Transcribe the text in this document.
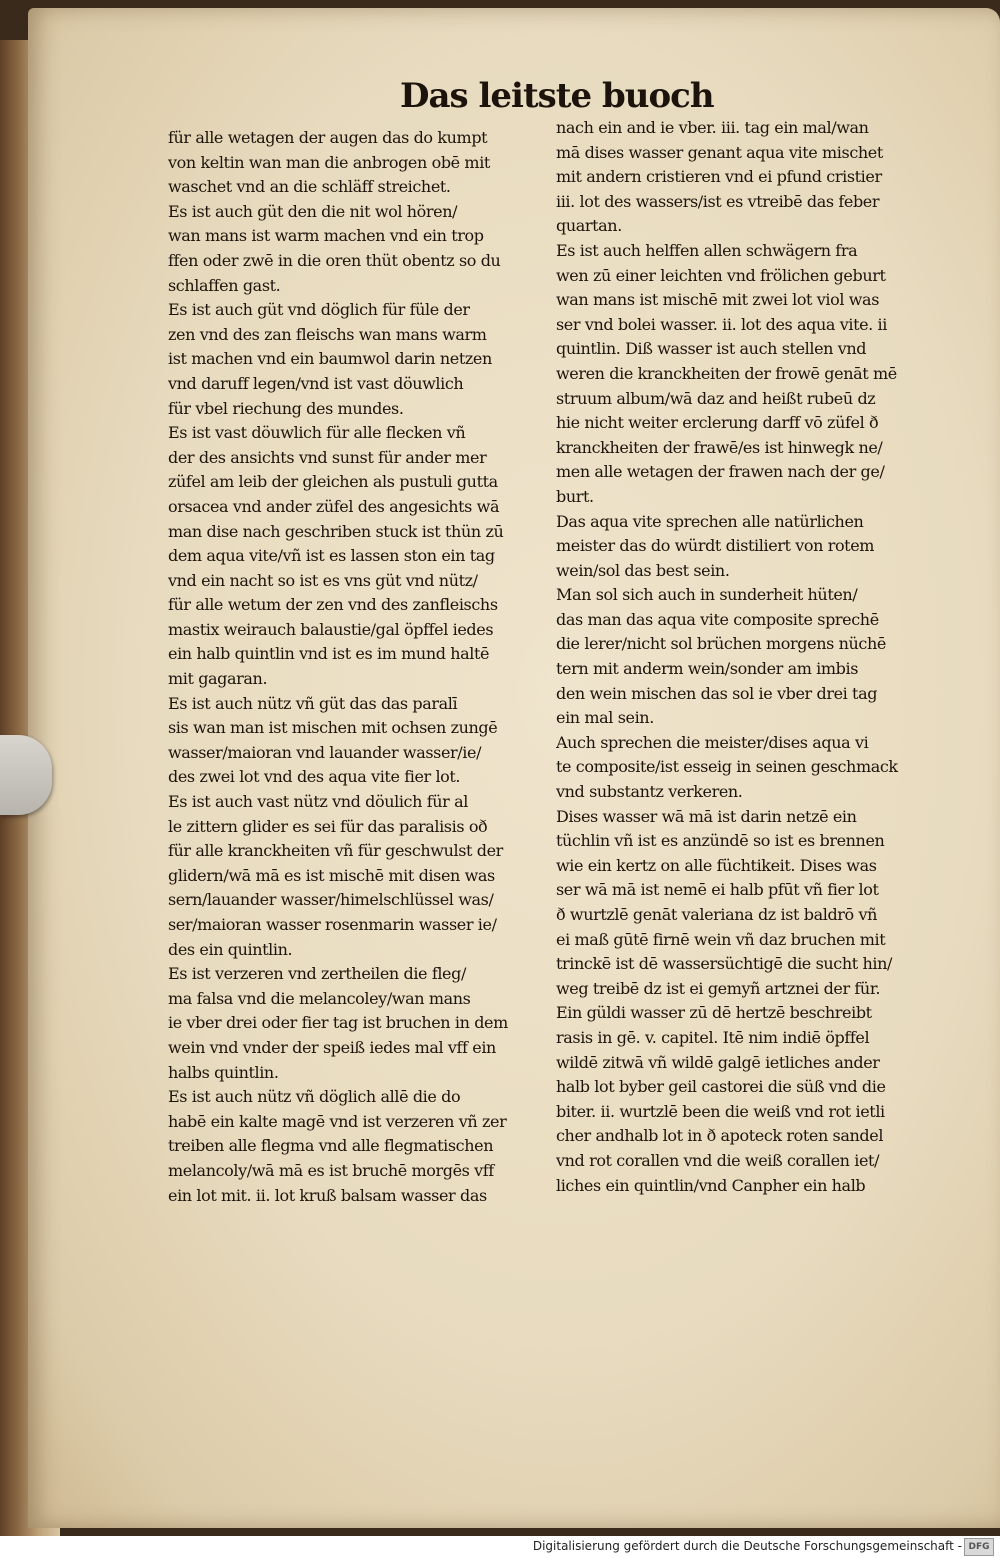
Das leitste buoch
für alle wetagen der augen das do kumpt
von keltin wan man die anbrogen obē mit
waschet vnd an die schläff streichet.
Es ist auch güt den die nit wol hören/
wan mans ist warm machen vnd ein trop
ffen oder zwē in die oren thüt obentz so du
schlaffen gast.
Es ist auch güt vnd döglich für füle der
zen vnd des zan fleischs wan mans warm
ist machen vnd ein baumwol darin netzen
vnd daruff legen/vnd ist vast döuwlich
für vbel riechung des mundes.
Es ist vast döuwlich für alle flecken vñ
der des ansichts vnd sunst für ander mer
züfel am leib der gleichen als pustuli gutta
orsacea vnd ander züfel des angesichts wā
man dise nach geschriben stuck ist thün zū
dem aqua vite/vñ ist es lassen ston ein tag
vnd ein nacht so ist es vns güt vnd nütz/
für alle wetum der zen vnd des zanfleischs
mastix weirauch balaustie/gal öpffel iedes
ein halb quintlin vnd ist es im mund haltē
mit gagaran.
Es ist auch nütz vñ güt das das paralī
sis wan man ist mischen mit ochsen zungē
wasser/maioran vnd lauander wasser/ie/
des zwei lot vnd des aqua vite fier lot.
Es ist auch vast nütz vnd döulich für al
le zittern glider es sei für das paralisis oð
für alle kranckheiten vñ für geschwulst der
glidern/wā mā es ist mischē mit disen was
sern/lauander wasser/himelschlüssel was/
ser/maioran wasser rosenmarin wasser ie/
des ein quintlin.
Es ist verzeren vnd zertheilen die fleg/
ma falsa vnd die melancoley/wan mans
ie vber drei oder fier tag ist bruchen in dem
wein vnd vnder der speiß iedes mal vff ein
halbs quintlin.
Es ist auch nütz vñ döglich allē die do
habē ein kalte magē vnd ist verzeren vñ zer
treiben alle flegma vnd alle flegmatischen
melancoly/wā mā es ist bruchē morgēs vff
ein lot mit. ii. lot kruß balsam wasser das
nach ein and ie vber. iii. tag ein mal/wan
mā dises wasser genant aqua vite mischet
mit andern cristieren vnd ei pfund cristier
iii. lot des wassers/ist es vtreibē das feber
quartan.
Es ist auch helffen allen schwägern fra
wen zū einer leichten vnd frölichen geburt
wan mans ist mischē mit zwei lot viol was
ser vnd bolei wasser. ii. lot des aqua vite. ii
quintlin. Diß wasser ist auch stellen vnd
weren die kranckheiten der frowē genāt mē
struum album/wā daz and heißt rubeū dz
hie nicht weiter erclerung darff vō züfel ð
kranckheiten der frawē/es ist hinwegk ne/
men alle wetagen der frawen nach der ge/
burt.
Das aqua vite sprechen alle natürlichen
meister das do würdt distiliert von rotem
wein/sol das best sein.
Man sol sich auch in sunderheit hüten/
das man das aqua vite composite sprechē
die lerer/nicht sol brüchen morgens nüchē
tern mit anderm wein/sonder am imbis
den wein mischen das sol ie vber drei tag
ein mal sein.
Auch sprechen die meister/dises aqua vi
te composite/ist esseig in seinen geschmack
vnd substantz verkeren.
Dises wasser wā mā ist darin netzē ein
tüchlin vñ ist es anzündē so ist es brennen
wie ein kertz on alle füchtikeit. Dises was
ser wā mā ist nemē ei halb pfūt vñ fier lot
ð wurtzlē genāt valeriana dz ist baldrō vñ
ei maß gūtē firnē wein vñ daz bruchen mit
trinckē ist dē wassersüchtigē die sucht hin/
weg treibē dz ist ei gemyñ artznei der für.
Ein güldi wasser zū dē hertzē beschreibt
rasis in gē. v. capitel. Itē nim indiē öpffel
wildē zitwā vñ wildē galgē ietliches ander
halb lot byber geil castorei die süß vnd die
biter. ii. wurtzlē been die weiß vnd rot ietli
cher andhalb lot in ð apoteck roten sandel
vnd rot corallen vnd die weiß corallen iet/
liches ein quintlin/vnd Canpher ein halb
Digitalisierung gefördert durch die Deutsche Forschungsgemeinschaft - DFG
